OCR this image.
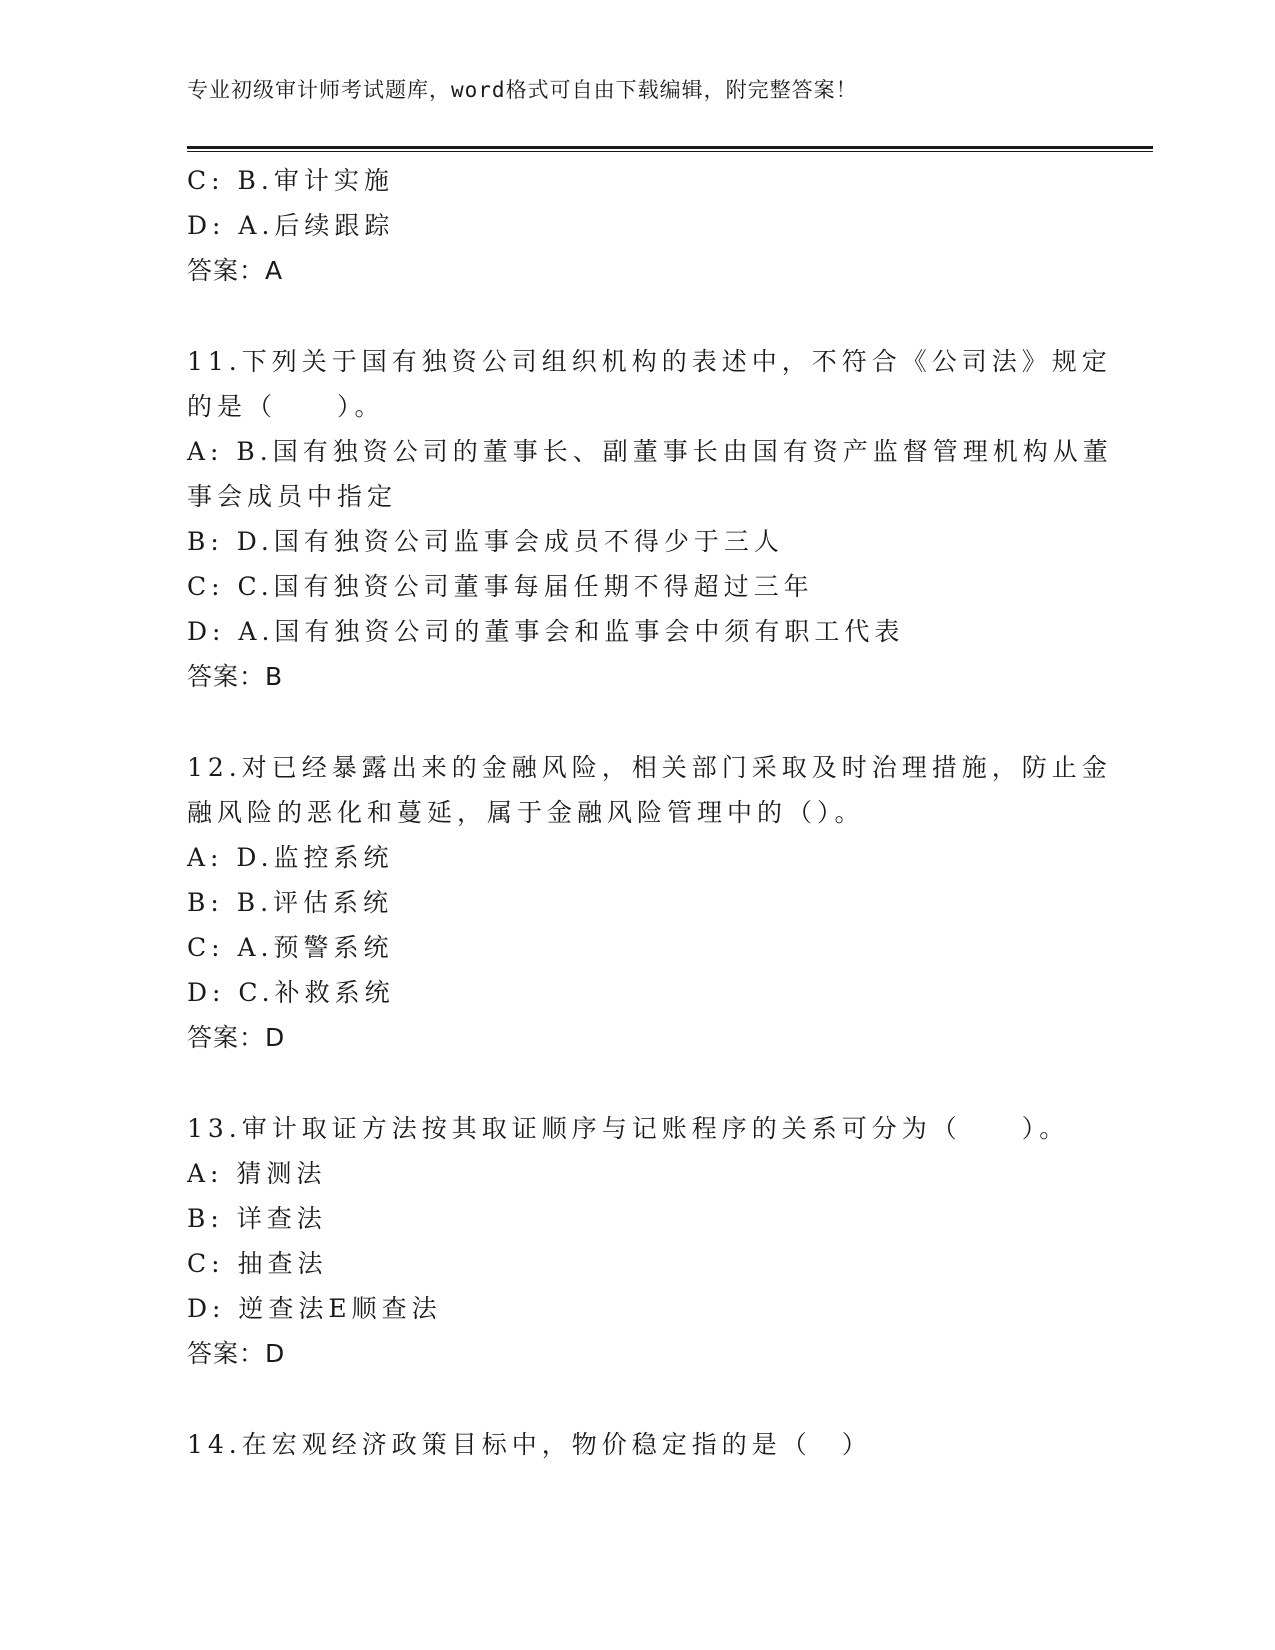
专业初级审计师考试题库，word格式可自由下载编辑，附完整答案！
C: B.审计实施
D: A.后续跟踪
答案：A
11.下列关于国有独资公司组织机构的表述中，不符合《公司法》规定
的是（　　）。
A: B.国有独资公司的董事长、副董事长由国有资产监督管理机构从董
事会成员中指定
B: D.国有独资公司监事会成员不得少于三人
C: C.国有独资公司董事每届任期不得超过三年
D: A.国有独资公司的董事会和监事会中须有职工代表
答案：B
12.对已经暴露出来的金融风险，相关部门采取及时治理措施，防止金
融风险的恶化和蔓延，属于金融风险管理中的（）。
A: D.监控系统
B: B.评估系统
C: A.预警系统
D: C.补救系统
答案：D
13.审计取证方法按其取证顺序与记账程序的关系可分为（　　）。
A: 猜测法
B: 详查法
C: 抽查法
D: 逆查法E顺查法
答案：D
14.在宏观经济政策目标中，物价稳定指的是（　）
